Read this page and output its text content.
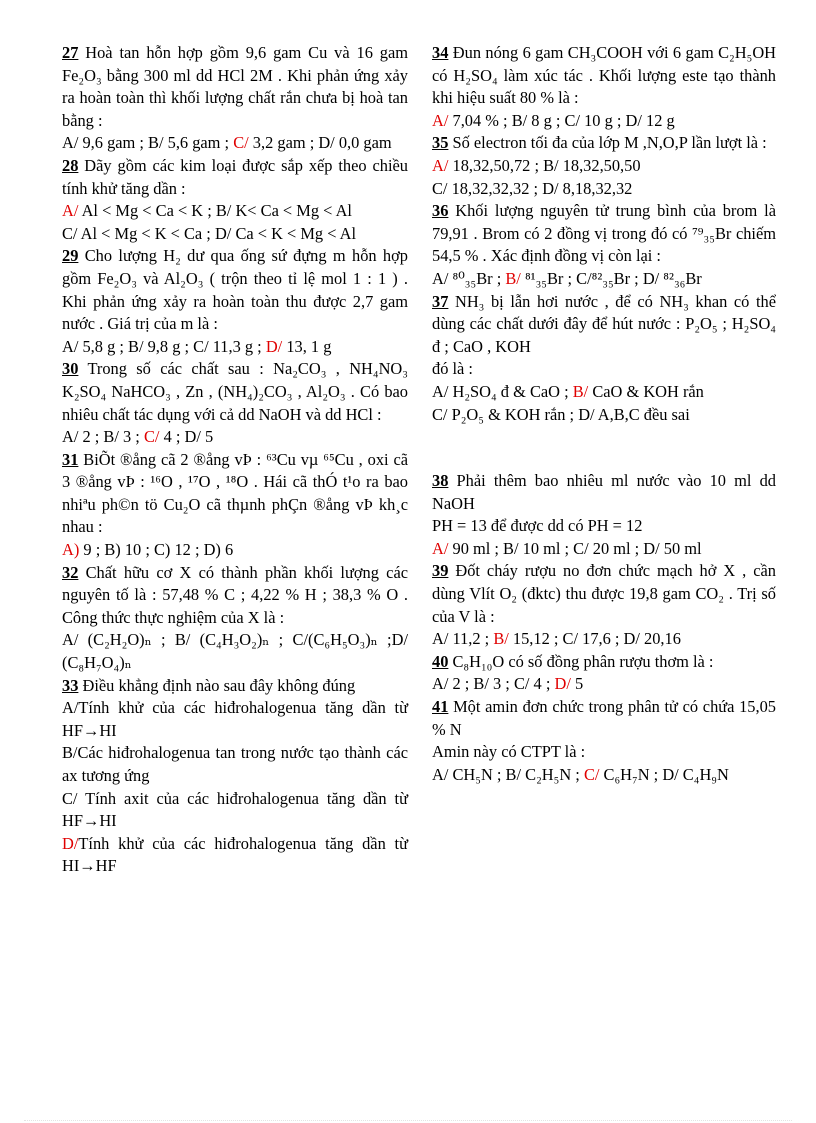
27 Hoà tan hỗn hợp gồm 9,6 gam Cu và 16 gam Fe₂O₃ bằng 300 ml dd HCl 2M . Khi phản ứng xảy ra hoàn toàn thì khối lượng chất rắn chưa bị hoà tan bằng :

A/ 9,6 gam ; B/ 5,6 gam ; C/ 3,2 gam ; D/ 0,0 gam

28 Dãy gồm các kim loại được sắp xếp theo chiều tính khử tăng dần :

A/ Al < Mg < Ca < K ; B/ K< Ca < Mg < Al

C/ Al < Mg < K < Ca ; D/ Ca < K < Mg < Al

29 Cho lượng H₂ dư qua ống sứ đựng m hỗn hợp gồm Fe₂O₃ và Al₂O₃ ( trộn theo tỉ lệ mol 1 : 1 ) . Khi phản ứng xảy ra hoàn toàn thu được 2,7 gam nước . Giá trị của m là :

A/ 5,8 g ; B/ 9,8 g ; C/ 11,3 g ; D/ 13, 1 g

30 Trong số các chất sau : Na₂CO₃ , NH₄NO₃ K₂SO₄ NaHCO₃ , Zn , (NH₄)₂CO₃ , Al₂O₃ . Có bao nhiêu chất tác dụng với cả dd NaOH và dd HCl :

A/ 2 ; B/ 3 ; C/ 4 ; D/ 5

31 BiÕt ®ång cã 2 ®ång vÞ : ⁶³Cu vµ ⁶⁵Cu , oxi cã 3 ®ång vÞ : ¹⁶O , ¹⁷O , ¹⁸O . Hái cã thÓ t¹o ra bao nhiªu ph©n tö Cu₂O cã thµnh phÇn ®ång vÞ kh¸c nhau :

A) 9 ; B) 10 ; C) 12 ; D) 6

32 Chất hữu cơ X có thành phần khối lượng các nguyên tố là : 57,48 % C ; 4,22 % H ; 38,3 % O . Công thức thực nghiệm của X là :

A/ (C₂H₂O)ₙ ; B/ (C₄H₃O₂)ₙ ; C/(C₆H₅O₃)ₙ ;D/ (C₈H₇O₄)ₙ

33 Điều khẳng định nào sau đây không đúng

A/Tính khử của các hiđrohalogenua tăng dần từ HF→HI

B/Các hiđrohalogenua tan trong nước tạo thành các ax tương ứng

C/ Tính axit của các hiđrohalogenua tăng dần từ HF→HI

D/Tính khử của các hiđrohalogenua tăng dần từ HI→HF

34 Đun nóng 6 gam CH₃COOH với 6 gam C₂H₅OH có H₂SO₄ làm xúc tác . Khối lượng este tạo thành khi hiệu suất 80 % là :

A/ 7,04 % ; B/ 8 g ; C/ 10 g ; D/ 12 g

35 Số electron tối đa của lớp M ,N,O,P lần lượt là :

A/ 18,32,50,72 ; B/ 18,32,50,50

C/ 18,32,32,32 ; D/ 8,18,32,32

36 Khối lượng nguyên tử trung bình của brom là 79,91 . Brom có 2 đồng vị trong đó có ⁷⁹₃₅Br chiếm 54,5 % . Xác định đồng vị còn lại :

A/ ⁸⁰₃₅Br ; B/ ⁸¹₃₅Br ; C/⁸²₃₅Br ; D/ ⁸²₃₆Br

37 NH₃ bị lẫn hơi nước , để có NH₃ khan có thể dùng các chất dưới đây để hút nước : P₂O₅ ; H₂SO₄ đ ; CaO , KOH

đó là :

A/ H₂SO₄ đ & CaO ; B/ CaO & KOH rắn

C/ P₂O₅ & KOH rắn ; D/ A,B,C đều sai

38 Phải thêm bao nhiêu ml nước vào 10 ml dd NaOH

PH = 13 để được dd có PH = 12

A/ 90 ml ; B/ 10 ml ; C/ 20 ml ; D/ 50 ml

39 Đốt cháy rượu no đơn chức mạch hở X , cần dùng Vlít O₂ (đktc) thu được 19,8 gam CO₂ . Trị số của V là :

A/ 11,2 ; B/ 15,12 ; C/ 17,6 ; D/ 20,16

40 C₈H₁₀O có số đồng phân rượu thơm là :

A/ 2 ; B/ 3 ; C/ 4 ; D/ 5

41 Một amin đơn chức trong phân tử có chứa 15,05 % N

Amin này có CTPT là :

A/ CH₅N ; B/ C₂H₅N ; C/ C₆H₇N ; D/ C₄H₉N
